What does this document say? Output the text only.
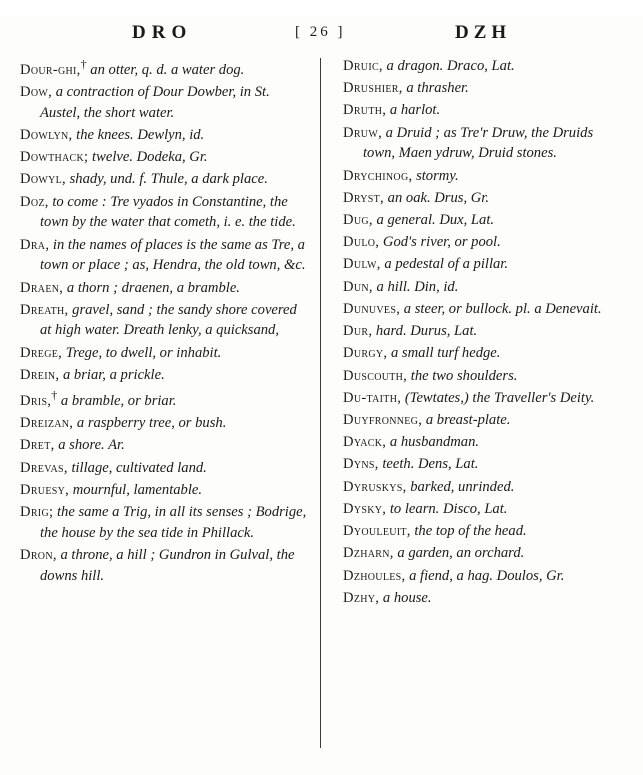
DRO	[ 26 ]	DZH
Dour-ghi,† an otter, q. d. a water dog.
Dow, a contraction of Dour Dowber, in St. Austel, the short water.
Dowlyn, the knees. Dewlyn, id.
Dowthack; twelve. Dodeka, Gr.
Dowyl, shady, und. f. Thule, a dark place.
Doz, to come : Tre vyados in Constantine, the town by the water that cometh, i. e. the tide.
Dra, in the names of places is the same as Tre, a town or place ; as, Hendra, the old town, &c.
Draen, a thorn ; draenen, a bramble.
Dreath, gravel, sand ; the sandy shore covered at high water. Dreath lenky, a quicksand,
Drege, Trege, to dwell, or inhabit.
Drein, a briar, a prickle.
Dris,† a bramble, or briar.
Dreizan, a raspberry tree, or bush.
Dret, a shore. Ar.
Drevas, tillage, cultivated land.
Druesy, mournful, lamentable.
Drig; the same a Trig, in all its senses ; Bodrige, the house by the sea tide in Phillack.
Dron, a throne, a hill ; Gundron in Gulval, the downs hill.
Druic, a dragon. Draco, Lat.
Drushier, a thrasher.
Druth, a harlot.
Druw, a Druid ; as Tre'r Druw, the Druids town, Maen ydruw, Druid stones.
Drychinog, stormy.
Dryst, an oak. Drus, Gr.
Dug, a general. Dux, Lat.
Dulo, God's river, or pool.
Dulw, a pedestal of a pillar.
Dun, a hill. Din, id.
Dunuves, a steer, or bullock. pl. a Denevait.
Dur, hard. Durus, Lat.
Durgy, a small turf hedge.
Duscouth, the two shoulders.
Du-taith, (Tewtates,) the Traveller's Deity.
Duyfronneg, a breast-plate.
Dyack, a husbandman.
Dyns, teeth. Dens, Lat.
Dyruskys, barked, unrinded.
Dysky, to learn. Disco, Lat.
Dyouleuit, the top of the head.
Dzharn, a garden, an orchard.
Dzhoules, a fiend, a hag. Doulos, Gr.
Dzhy, a house.
